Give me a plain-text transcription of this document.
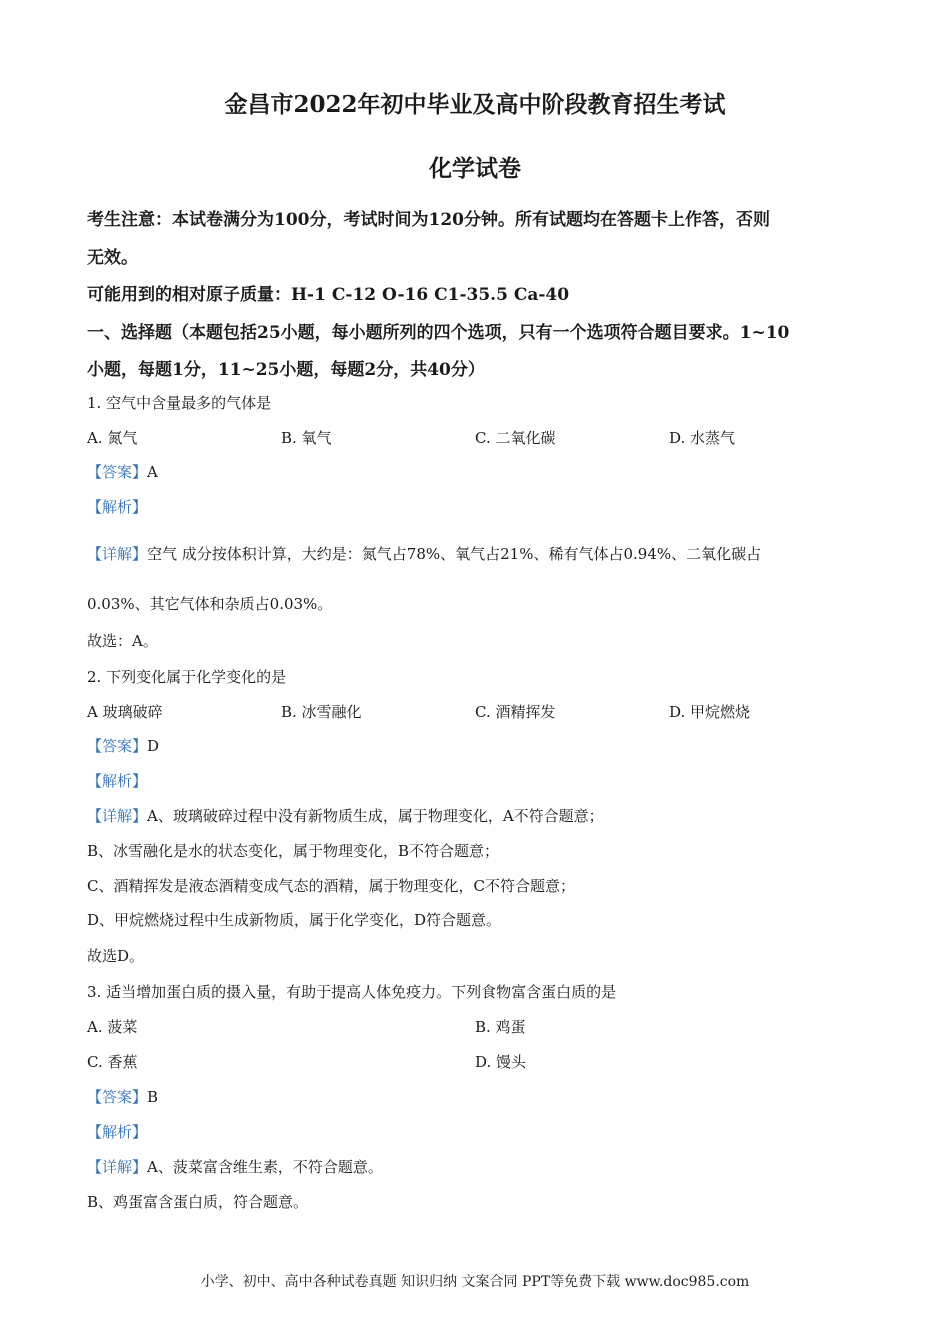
金昌市2022年初中毕业及高中阶段教育招生考试
化学试卷
考生注意：本试卷满分为100分，考试时间为120分钟。所有试题均在答题卡上作答，否则
无效。
可能用到的相对原子质量：H-1 C-12 O-16 C1-35.5 Ca-40
一、选择题（本题包括25小题，每小题所列的四个选项，只有一个选项符合题目要求。1~10
小题，每题1分，11~25小题，每题2分，共40分）
1. 空气中含量最多的气体是
A. 氮气	B. 氧气	C. 二氧化碳	D. 水蒸气
【答案】A
【解析】
【详解】空气 成分按体积计算，大约是：氮气占78%、氧气占21%、稀有气体占0.94%、二氧化碳占
0.03%、其它气体和杂质占0.03%。
故选：A。
2. 下列变化属于化学变化的是
A 玻璃破碎	B. 冰雪融化	C. 酒精挥发	D. 甲烷燃烧
【答案】D
【解析】
【详解】A、玻璃破碎过程中没有新物质生成，属于物理变化，A不符合题意；
B、冰雪融化是水的状态变化，属于物理变化，B不符合题意；
C、酒精挥发是液态酒精变成气态的酒精，属于物理变化，C不符合题意；
D、甲烷燃烧过程中生成新物质，属于化学变化，D符合题意。
故选D。
3. 适当增加蛋白质的摄入量，有助于提高人体免疫力。下列食物富含蛋白质的是
A. 菠菜	B. 鸡蛋
C. 香蕉	D. 馒头
【答案】B
【解析】
【详解】A、菠菜富含维生素，不符合题意。
B、鸡蛋富含蛋白质，符合题意。
小学、初中、高中各种试卷真题 知识归纳 文案合同 PPT等免费下载 www.doc985.com
